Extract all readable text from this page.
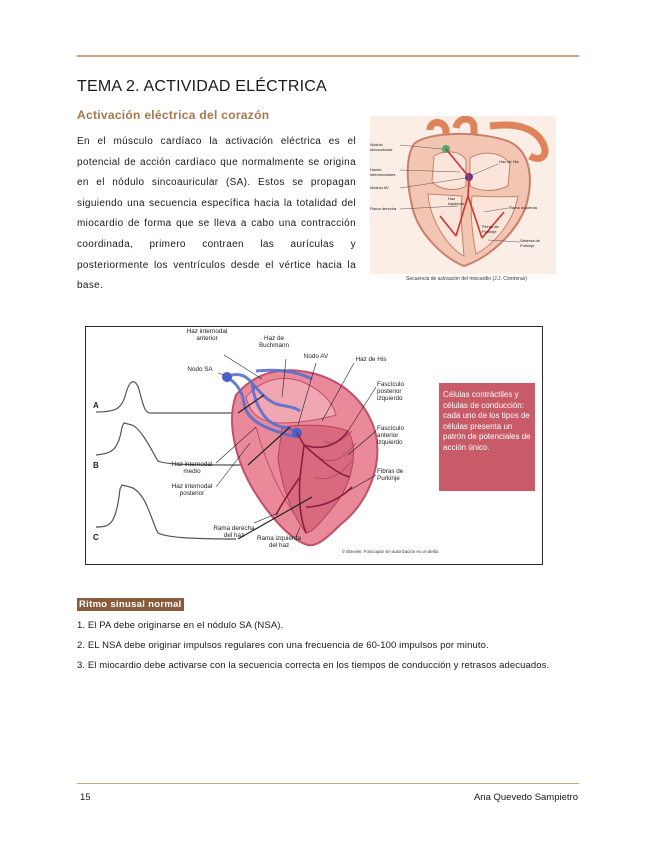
TEMA 2. ACTIVIDAD ELÉCTRICA
Activación eléctrica del corazón

En el músculo cardíaco la activación eléctrica es el potencial de acción cardíaco que normalmente se origina en el nódulo sincoauricular (SA). Estos se propagan siguiendo una secuencia específica hacia la totalidad del miocardio de forma que se lleva a cabo una contracción coordinada, primero contraen las aurículas y posteriormente los ventrículos desde el vértice hacia la base.

Nódulo sinoauricular
Haces internodulares
Nódulo AV
Rama derecha
Haz de His
Rama izquierda
Haz izquierdo
Sistema de Purkinje
Fibras de Purkinje
Secuencia de activación del miocardio (J.J. Contreras)
A
B
C
Haz internodal anterior	Haz de Buchmann
Nodo AV	Haz de His
Nodo SA
Fascículo posterior izquierdo
Fascículo anterior izquierdo
Fibras de Purkinje
Haz internodal medio
Haz internodal posterior
Rama derecha del haz	Rama izquierda del haz
Células contráctiles y células de conducción: cada uno de los tipos de células presenta un patrón de potenciales de acción único.
© Elsevier. Fotocopiar sin autorización es un delito.
Ritmo sinusal normal
1. El PA debe originarse en el nódulo SA (NSA).
2. EL NSA debe originar impulsos regulares con una frecuencia de 60-100 impulsos por minuto.
3. El miocardio debe activarse con la secuencia correcta en los tiempos de conducción y retrasos adecuados.
15	Ana Quevedo Sampietro
